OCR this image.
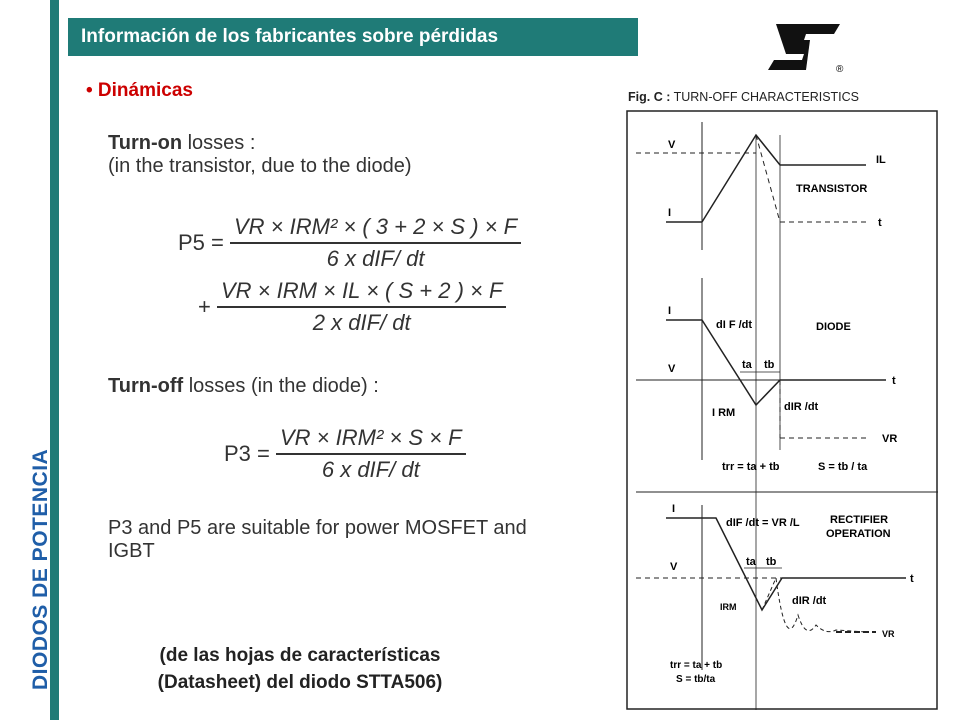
DIODOS DE POTENCIA
Información de los fabricantes sobre pérdidas
®
• Dinámicas
Turn-on losses :
(in the transistor, due to the diode)
$P5 = \frac{\text{VR × IRM² × ( 3 + 2 × S ) × F}}{\text{6 x dIF/ dt}}$
+ $\frac{\text{VR × IRM × IL × ( S + 2 ) × F}}{\text{2 x dIF/ dt}}$
Turn-off losses (in the diode) :
$P3 = \frac{\text{VR × IRM² × S × F}}{\text{6 x dIF/ dt}}$
P3 and P5 are suitable for power MOSFET and
IGBT
(de las hojas de características
(Datasheet) del diodo STTA506)
Fig. C : TURN-OFF CHARACTERISTICS
V
I
IL
TRANSISTOR
t
I
dI F /dt	DIODE
ta tb
V
t
I RM	dIR /dt
VR
trr = ta + tb	S = tb / ta
I
dIF /dt = VR /L	RECTIFIER
OPERATION
ta tb
V
t
IRM	dIR /dt
VR
trr = ta + tb
S = tb/ta
